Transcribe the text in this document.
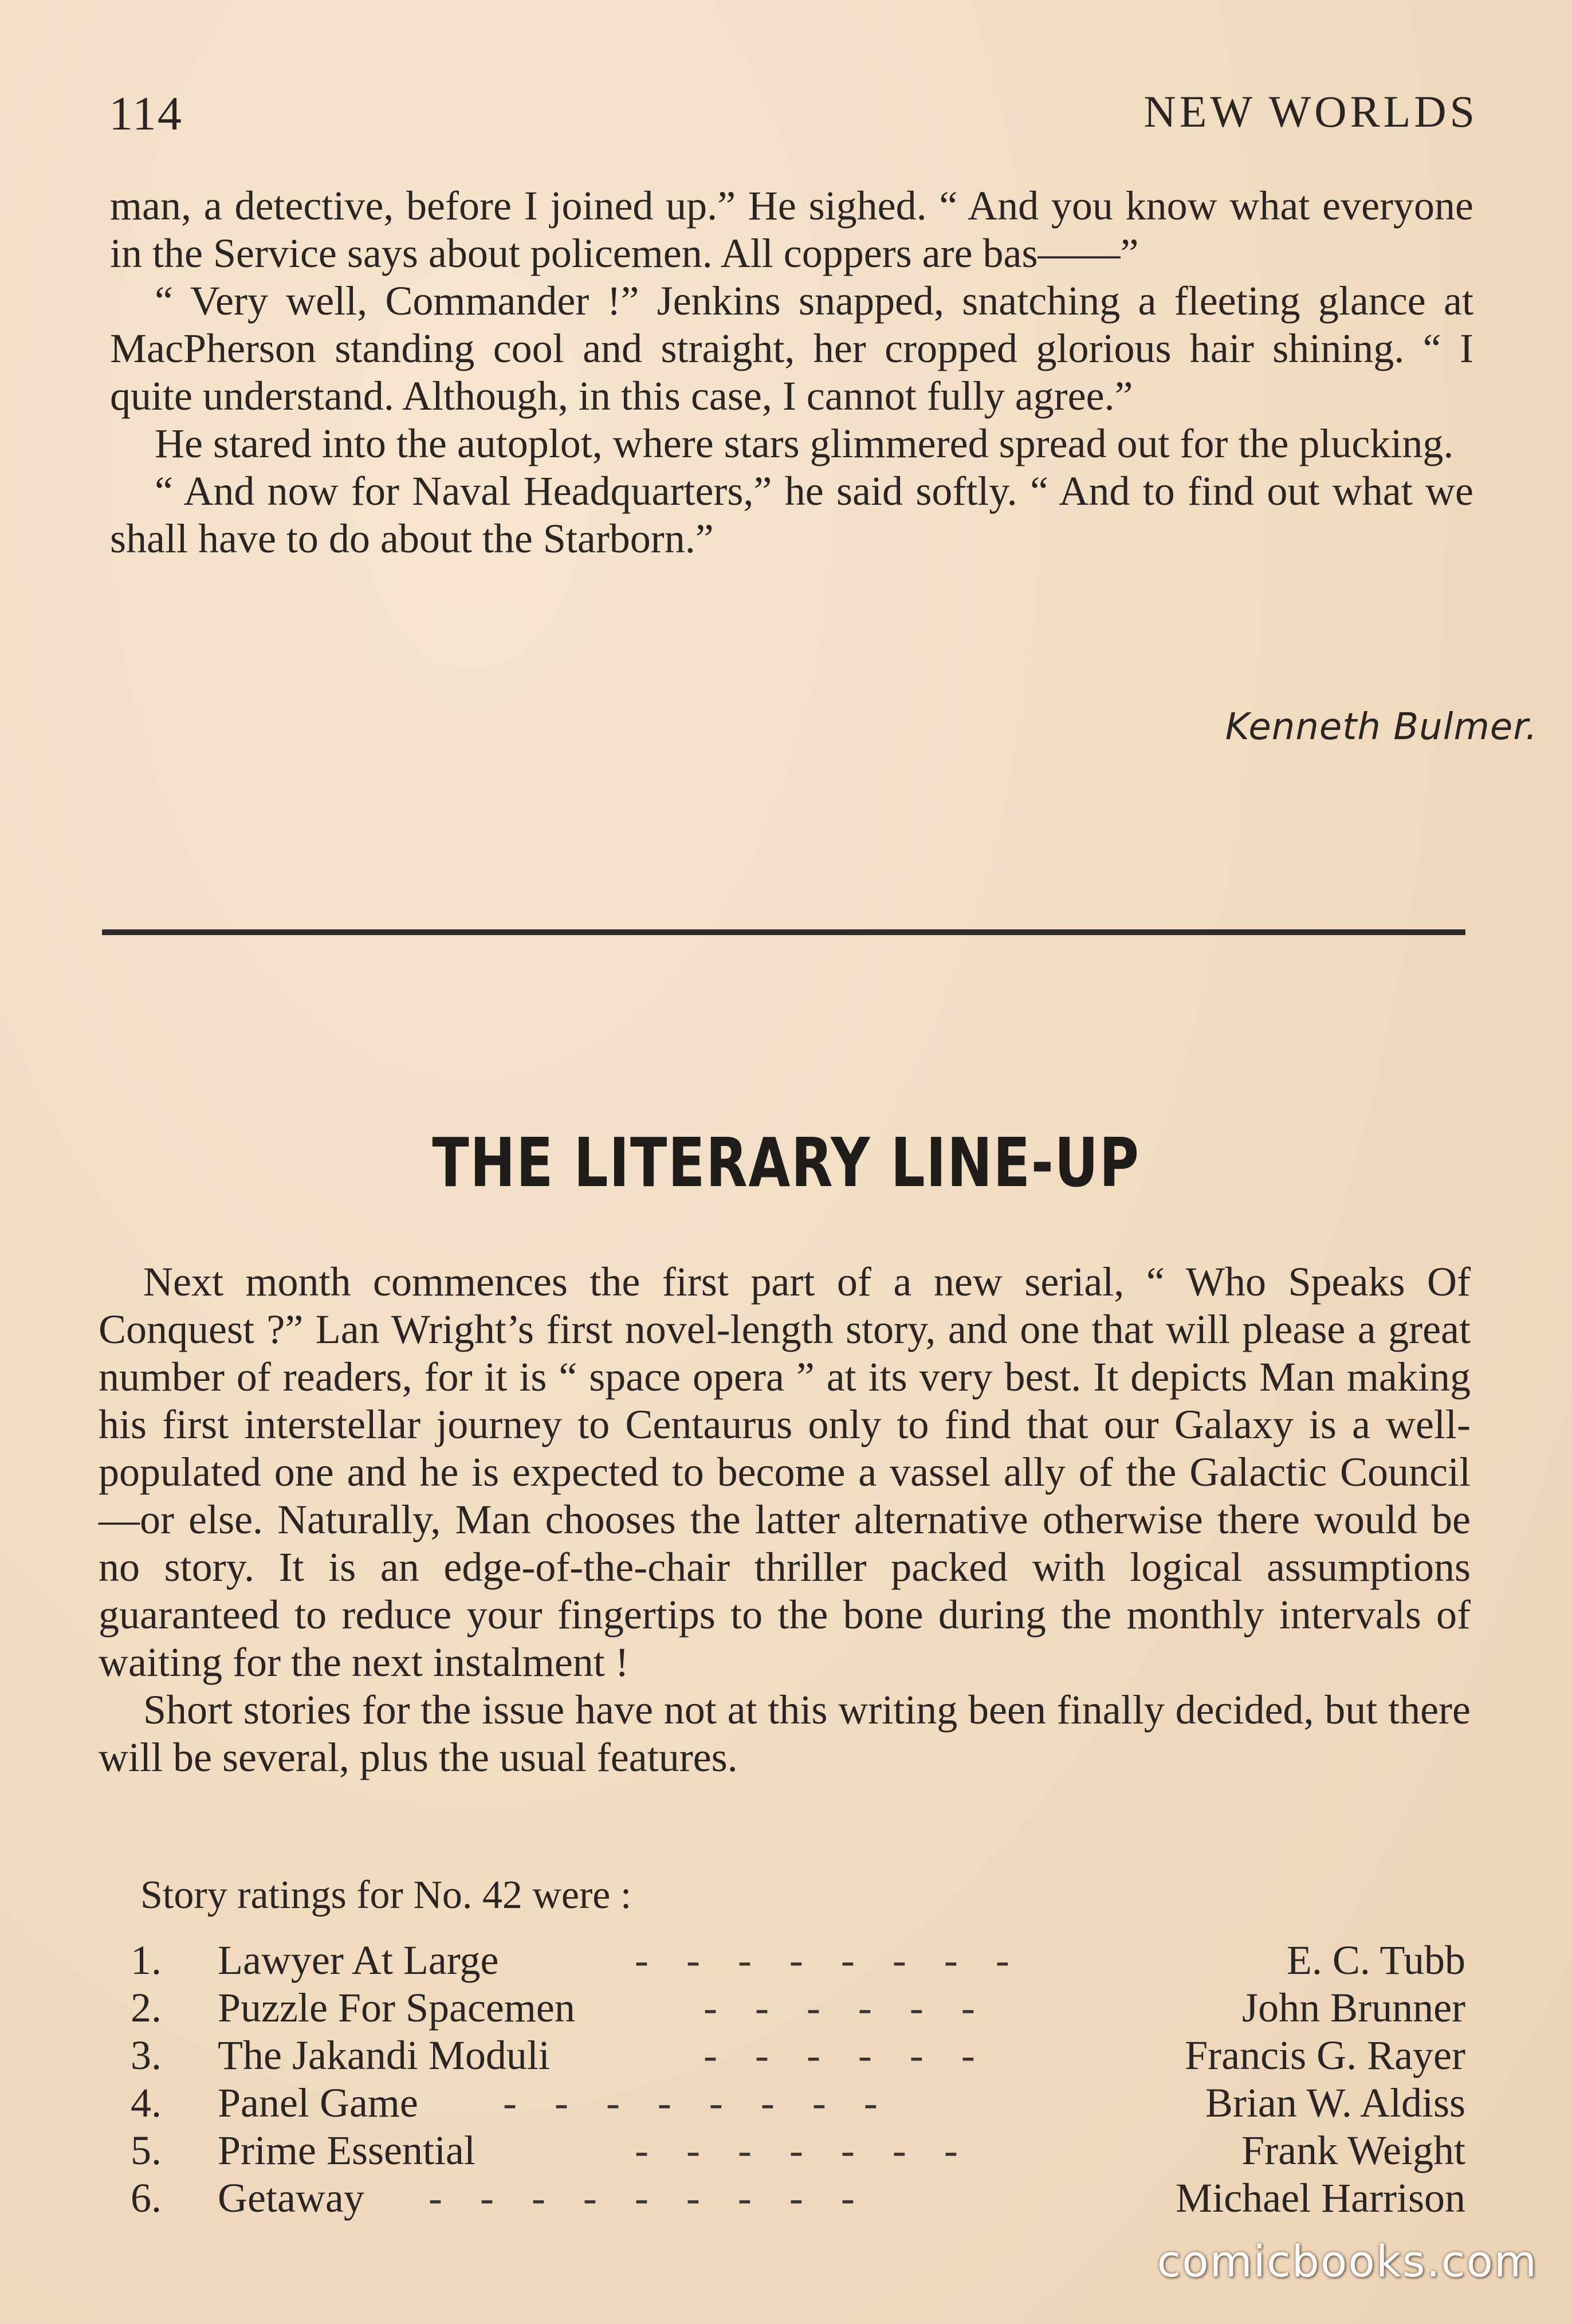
114	NEW WORLDS

man, a detective, before I joined up.” He sighed. “ And you know what everyone in the Service says about policemen. All coppers are bas——”

“ Very well, Commander !” Jenkins snapped, snatching a fleeting glance at MacPherson standing cool and straight, her cropped glorious hair shining. “ I quite understand. Although, in this case, I cannot fully agree.”

He stared into the autoplot, where stars glimmered spread out for the plucking.

“ And now for Naval Headquarters,” he said softly. “ And to find out what we shall have to do about the Starborn.”

Kenneth Bulmer.
THE LITERARY LINE-UP

Next month commences the first part of a new serial, “ Who Speaks Of Conquest ?” Lan Wright’s first novel-length story, and one that will please a great number of readers, for it is “ space opera ” at its very best. It depicts Man making his first interstellar journey to Centaurus only to find that our Galaxy is a well-populated one and he is expected to become a vassel ally of the Galactic Council—or else. Naturally, Man chooses the latter alternative otherwise there would be no story. It is an edge-of-the-chair thriller packed with logical assumptions guaranteed to reduce your fingertips to the bone during the monthly intervals of waiting for the next instalment !

Short stories for the issue have not at this writing been finally decided, but there will be several, plus the usual features.

Story ratings for No. 42 were :
1. Lawyer At Large	- - - - - - - -	E. C. Tubb
2. Puzzle For Spacemen	- - - - - -	John Brunner
3. The Jakandi Moduli	- - - - - -	Francis G. Rayer
4. Panel Game - - - - - - - -	Brian W. Aldiss
5. Prime Essential	- - - - - - -	Frank Weight
6. Getaway - - - - - - - - -	Michael Harrison
comicbooks.com
